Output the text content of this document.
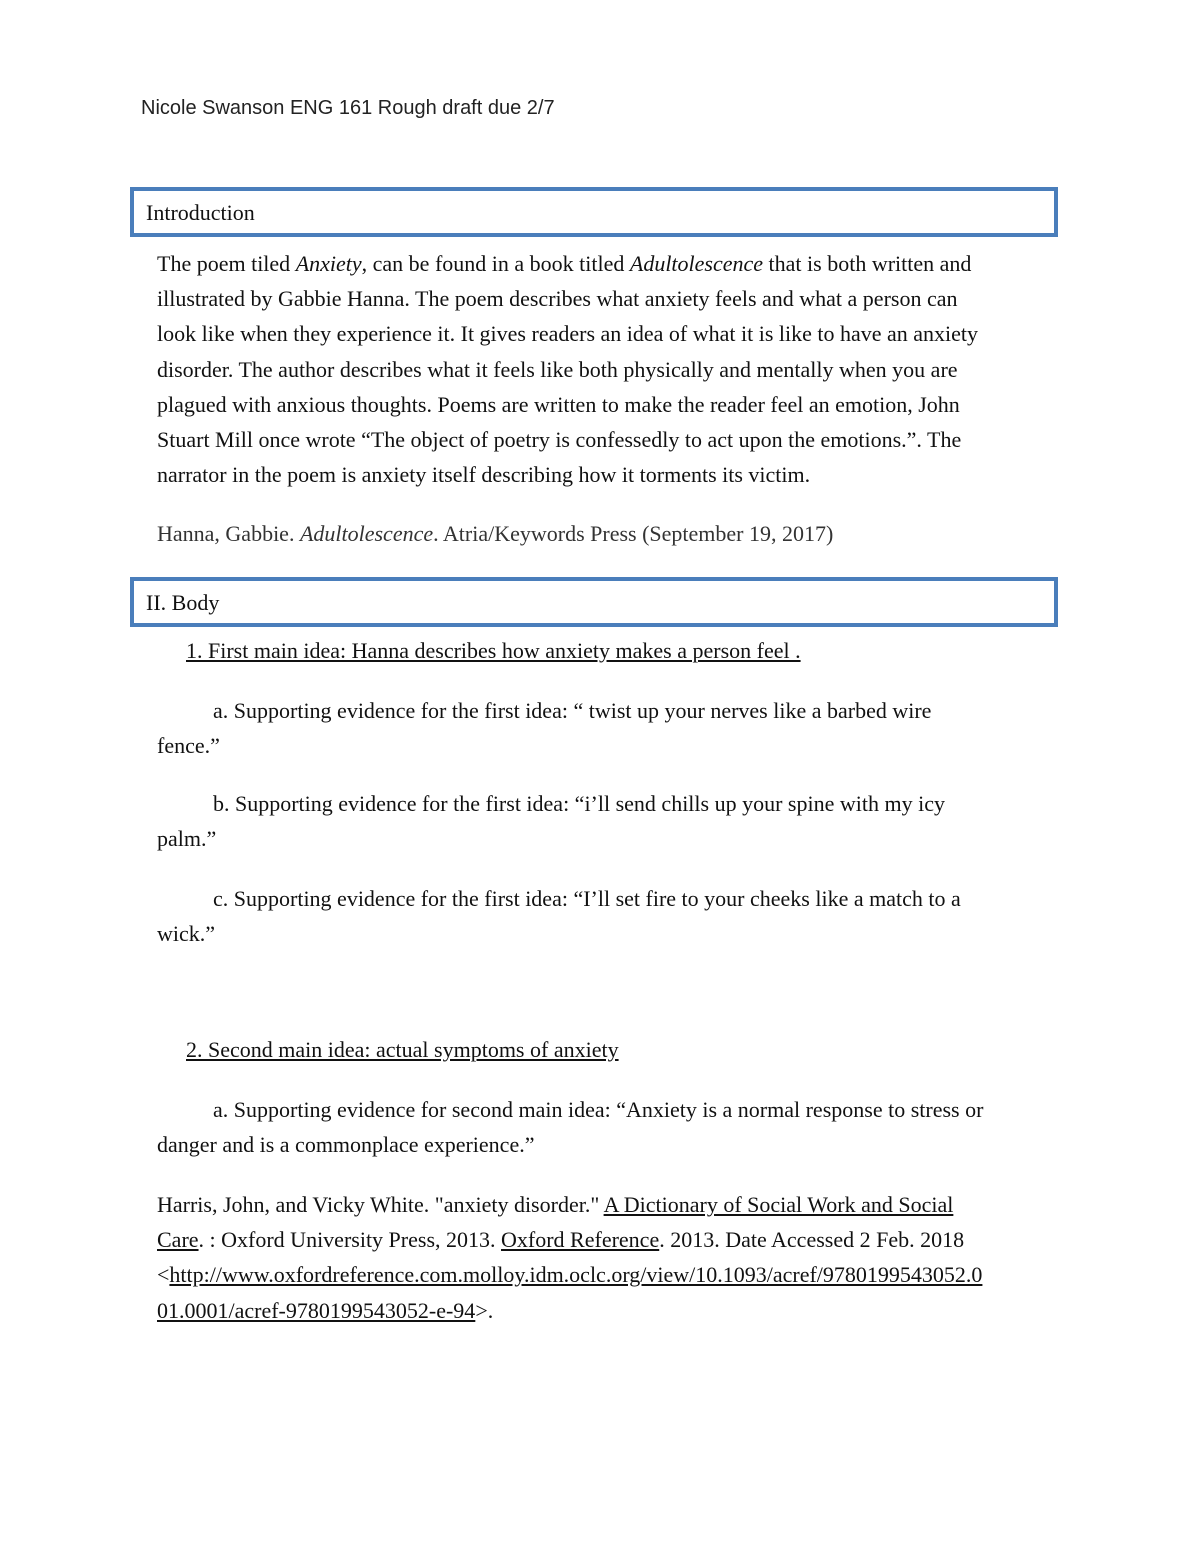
Nicole Swanson ENG 161 Rough draft due 2/7
Introduction
The poem tiled Anxiety, can be found in a book titled Adultolescence that is both written and
illustrated by Gabbie Hanna. The poem describes what anxiety feels and what a person can
look like when they experience it. It gives readers an idea of what it is like to have an anxiety
disorder. The author describes what it feels like both physically and mentally when you are
plagued with anxious thoughts. Poems are written to make the reader feel an emotion, John
Stuart Mill once wrote “The object of poetry is confessedly to act upon the emotions.”. The
narrator in the poem is anxiety itself describing how it torments its victim.
Hanna, Gabbie. Adultolescence. Atria/Keywords Press (September 19, 2017)
II. Body
1. First main idea: Hanna describes how anxiety makes a person feel .
a. Supporting evidence for the first idea: “ twist up your nerves like a barbed wire
fence.”
b. Supporting evidence for the first idea: “i’ll send chills up your spine with my icy
palm.”
c. Supporting evidence for the first idea: “I’ll set fire to your cheeks like a match to a
wick.”
2. Second main idea: actual symptoms of anxiety
a. Supporting evidence for second main idea: “Anxiety is a normal response to stress or
danger and is a commonplace experience.”
Harris, John, and Vicky White. "anxiety disorder." A Dictionary of Social Work and Social
Care. : Oxford University Press, 2013. Oxford Reference. 2013. Date Accessed 2 Feb. 2018
<http://www.oxfordreference.com.molloy.idm.oclc.org/view/10.1093/acref/9780199543052.0
01.0001/acref-9780199543052-e-94>.
